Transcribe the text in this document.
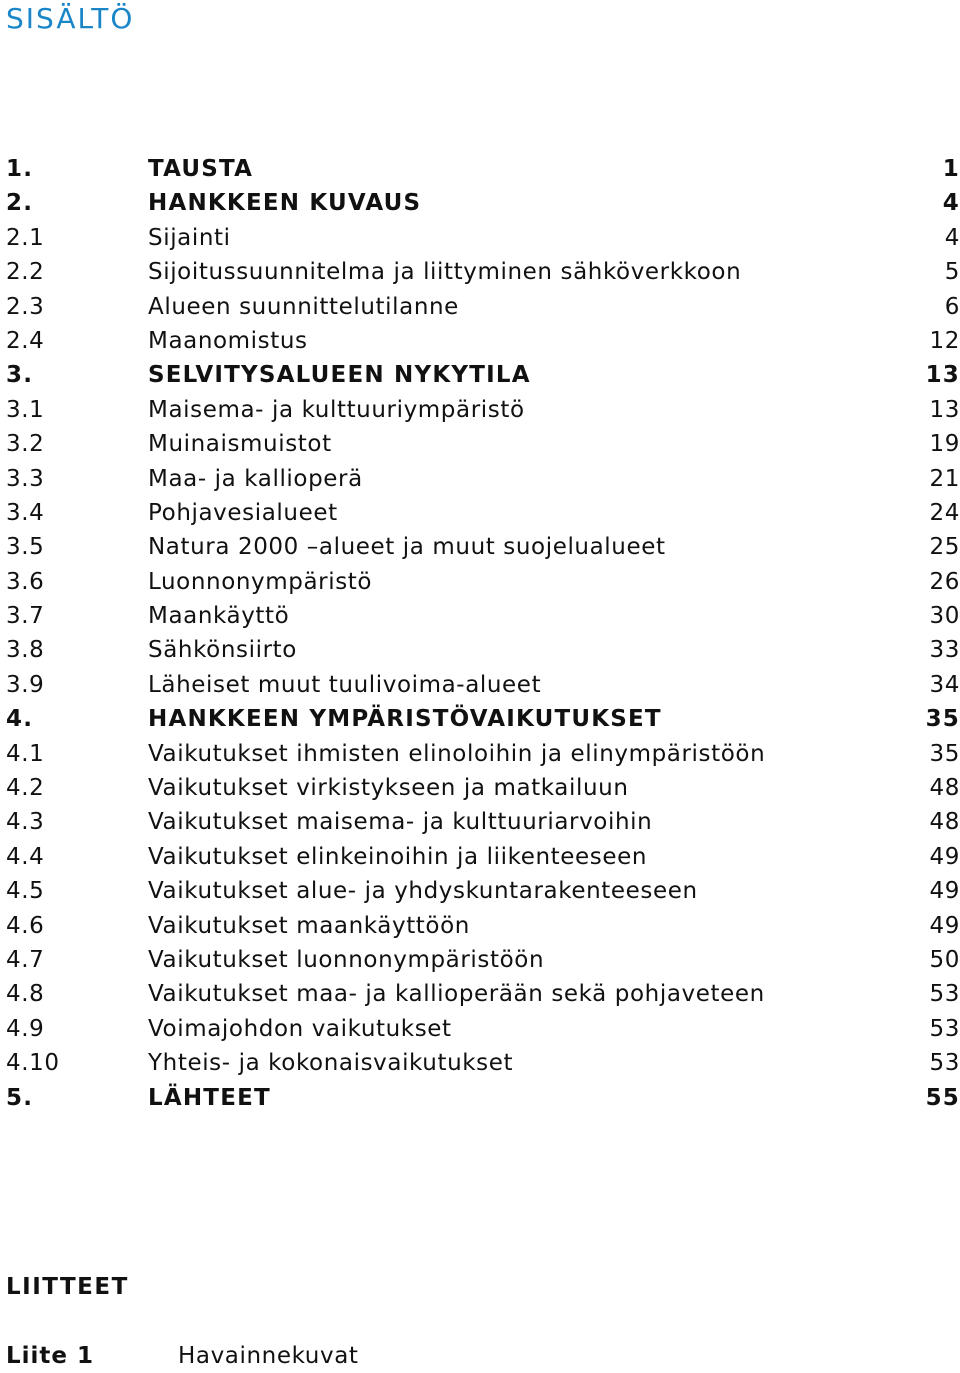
SISÄLTÖ
1.	TAUSTA	1
2.	HANKKEEN KUVAUS	4
2.1	Sijainti	4
2.2	Sijoitussuunnitelma ja liittyminen sähköverkkoon	5
2.3	Alueen suunnittelutilanne	6
2.4	Maanomistus	12
3.	SELVITYSALUEEN NYKYTILA	13
3.1	Maisema- ja kulttuuriympäristö	13
3.2	Muinaismuistot	19
3.3	Maa- ja kallioperä	21
3.4	Pohjavesialueet	24
3.5	Natura 2000 –alueet ja muut suojelualueet	25
3.6	Luonnonympäristö	26
3.7	Maankäyttö	30
3.8	Sähkönsiirto	33
3.9	Läheiset muut tuulivoima-alueet	34
4.	HANKKEEN YMPÄRISTÖVAIKUTUKSET	35
4.1	Vaikutukset ihmisten elinoloihin ja elinympäristöön	35
4.2	Vaikutukset virkistykseen ja matkailuun	48
4.3	Vaikutukset maisema- ja kulttuuriarvoihin	48
4.4	Vaikutukset elinkeinoihin ja liikenteeseen	49
4.5	Vaikutukset alue- ja yhdyskuntarakenteeseen	49
4.6	Vaikutukset maankäyttöön	49
4.7	Vaikutukset luonnonympäristöön	50
4.8	Vaikutukset maa- ja kallioperään sekä pohjaveteen	53
4.9	Voimajohdon vaikutukset	53
4.10	Yhteis- ja kokonaisvaikutukset	53
5.	LÄHTEET	55
LIITTEET
Liite 1	Havainnekuvat
